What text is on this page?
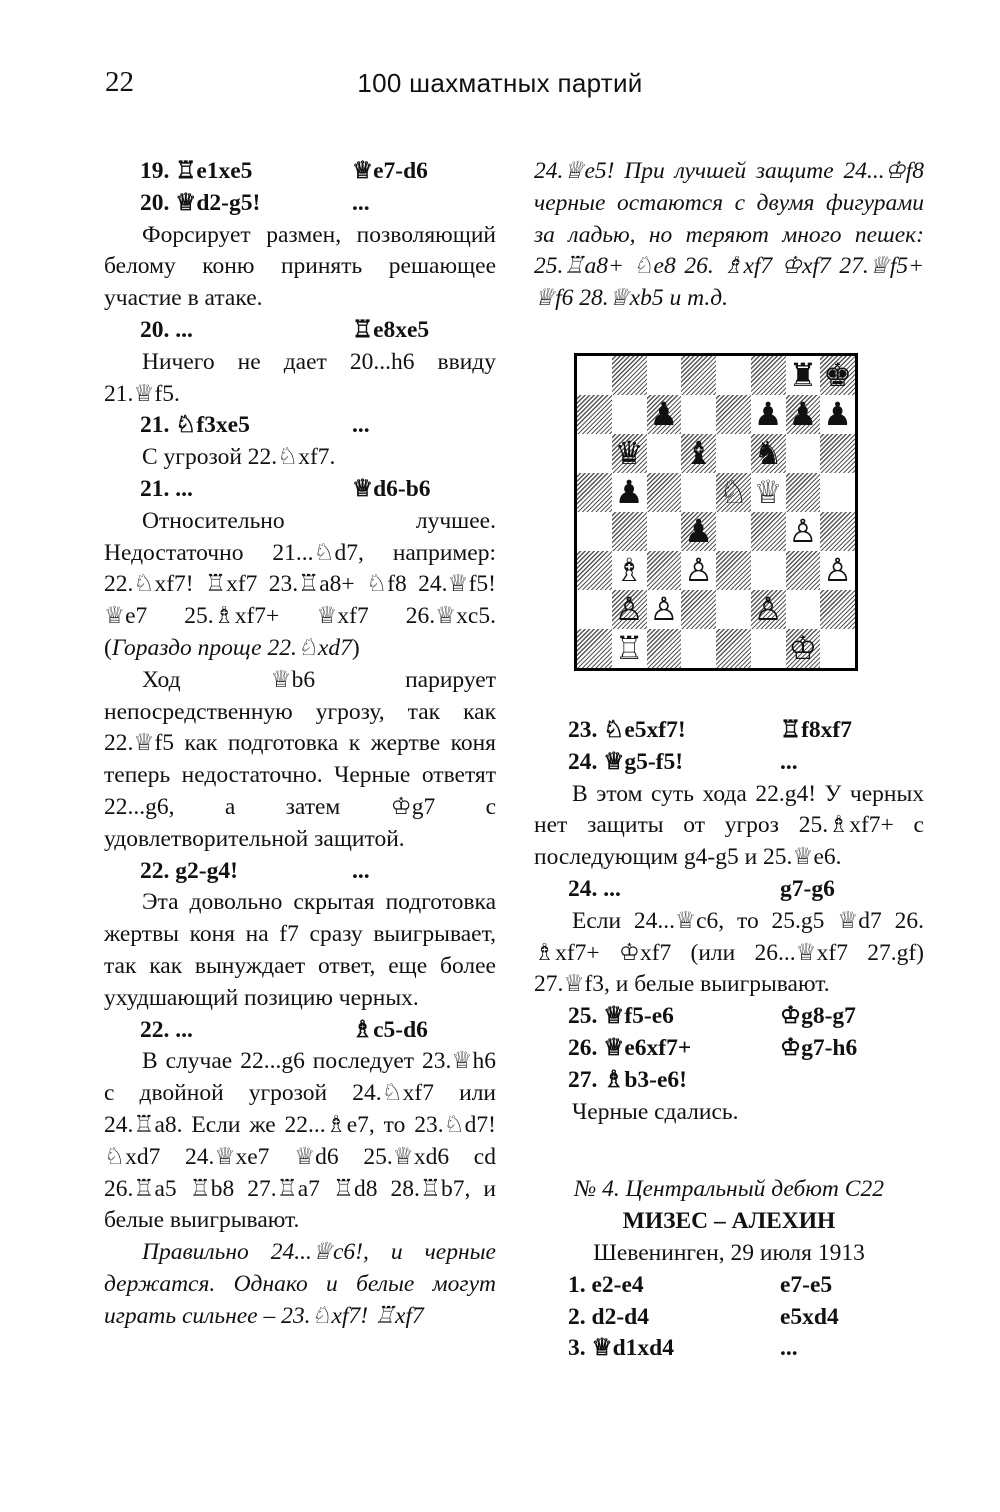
22	100 шахматных партий
19. ♖e1xe5	♕e7-d6
20. ♕d2-g5!	...

Форсирует размен, позволяющий белому коню принять решающее участие в атаке.

20. ...	♖e8xe5

Ничего не дает 20...h6 ввиду 21.♕f5.

21. ♘f3xe5	...

С угрозой 22.♘xf7.

21. ...	♕d6-b6

Относительно лучшее. Недостаточно 21...♘d7, например: 22.♘xf7! ♖xf7 23.♖a8+ ♘f8 24.♕f5! ♕e7 25.♗xf7+ ♕xf7 26.♕xc5. (Гораздо проще 22.♘xd7)

Ход ♕b6 парирует непосредственную угрозу, так как 22.♕f5 как подготовка к жертве коня теперь недостаточно. Черные ответят 22...g6, а затем ♔g7 с удовлетворительной защитой.

22. g2-g4!	...

Эта довольно скрытая подготовка жертвы коня на f7 сразу выигрывает, так как вынуждает ответ, еще более ухудшающий позицию черных.

22. ...	♗c5-d6

В случае 22...g6 последует 23.♕h6 с двойной угрозой 24.♘xf7 или 24.♖a8. Если же 22...♗e7, то 23.♘d7! ♘xd7 24.♕xe7 ♕d6 25.♕xd6 cd 26.♖a5 ♖b8 27.♖a7 ♖d8 28.♖b7, и белые выигрывают.

Правильно 24...♕c6!, и черные держатся. Однако и белые могут играть сильнее – 23.♘xf7! ♖xf7

24.♕e5! При лучшей защите 24...♔f8 черные остаются с двумя фигурами за ладью, но теряют много пешек: 25.♖a8+ ♘e8 26. ♗xf7 ♔xf7 27.♕f5+ ♕f6 28.♕xb5 и т.д.

♜ ♚
♟ ♟ ♟ ♟
♛ ♝ ♞
♟ ♘ ♕
♟ ♙
♗ ♙	♙
♙ ♙ ♙
♖	♔
23. ♘e5xf7!	♖f8xf7
24. ♕g5-f5!	...

В этом суть хода 22.g4! У черных нет защиты от угроз 25.♗xf7+ с последующим g4-g5 и 25.♕e6.

24. ...	g7-g6

Если 24...♕c6, то 25.g5 ♕d7 26. ♗xf7+ ♔xf7 (или 26...♕xf7 27.gf) 27.♕f3, и белые выигрывают.

25. ♕f5-e6	♔g8-g7
26. ♕e6xf7+	♔g7-h6
27. ♗b3-e6!

Черные сдались.

№ 4. Центральный дебют C22
МИЗЕС – АЛЕХИН
Шевенинген, 29 июля 1913
1. e2-e4	e7-e5
2. d2-d4	e5xd4
3. ♕d1xd4	...
